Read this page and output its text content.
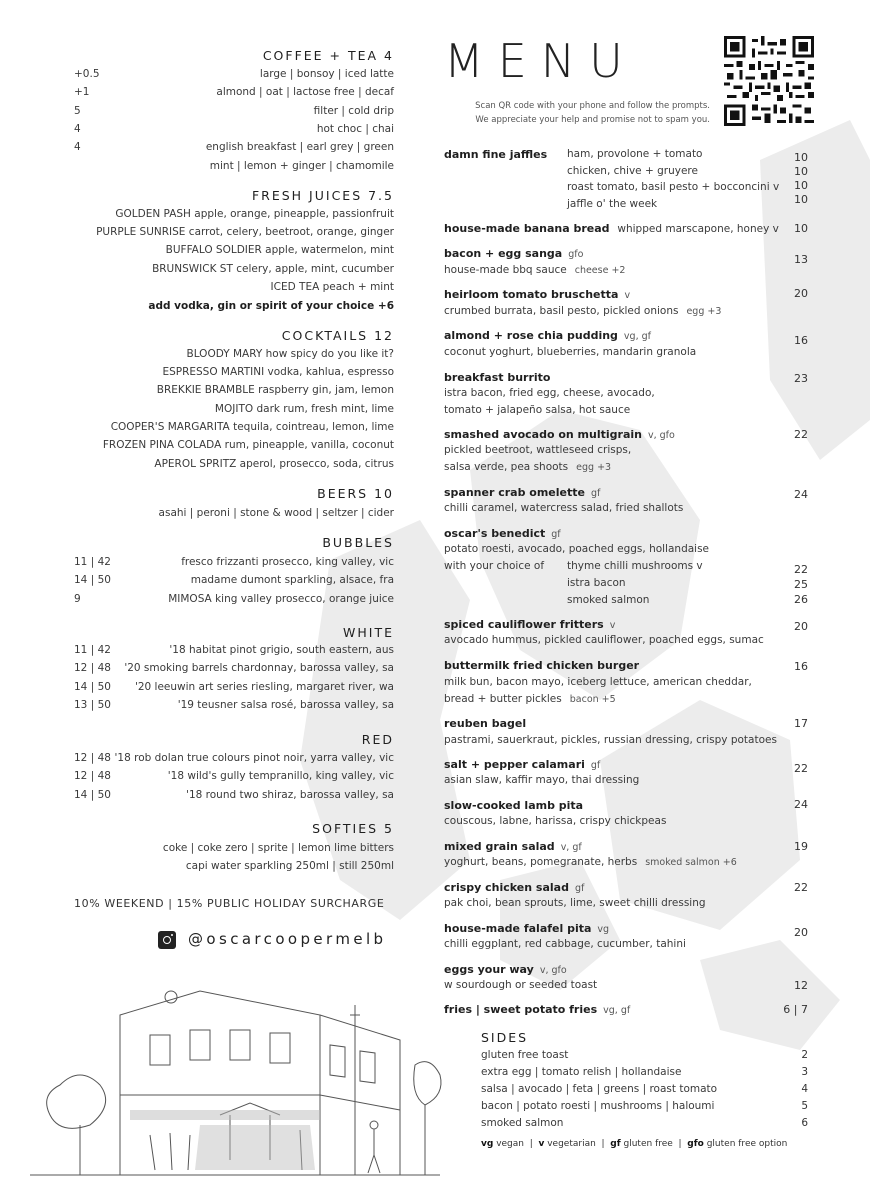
COFFEE + TEA 4
+0.5	large | bonsoy | iced latte
+1	almond | oat | lactose free | decaf
5	filter | cold drip
4	hot choc | chai
4	english breakfast | earl grey | green
mint | lemon + ginger | chamomile
FRESH JUICES 7.5
GOLDEN PASH apple, orange, pineapple, passionfruit
PURPLE SUNRISE carrot, celery, beetroot, orange, ginger
BUFFALO SOLDIER apple, watermelon, mint
BRUNSWICK ST celery, apple, mint, cucumber
ICED TEA peach + mint
add vodka, gin or spirit of your choice +6
COCKTAILS 12
BLOODY MARY how spicy do you like it?
ESPRESSO MARTINI vodka, kahlua, espresso
BREKKIE BRAMBLE raspberry gin, jam, lemon
MOJITO dark rum, fresh mint, lime
COOPER'S MARGARITA tequila, cointreau, lemon, lime
FROZEN PINA COLADA rum, pineapple, vanilla, coconut
APEROL SPRITZ aperol, prosecco, soda, citrus
BEERS 10
asahi | peroni | stone & wood | seltzer | cider
BUBBLES
11 | 42	fresco frizzanti prosecco, king valley, vic
14 | 50	madame dumont sparkling, alsace, fra
9	MIMOSA king valley prosecco, orange juice
WHITE
11 | 42	'18 habitat pinot grigio, south eastern, aus
12 | 48 '20 smoking barrels chardonnay, barossa valley, sa
14 | 50 '20 leeuwin art series riesling, margaret river, wa
13 | 50	'19 teusner salsa rosé, barossa valley, sa
RED
12 | 48 '18 rob dolan true colours pinot noir, yarra valley, vic
12 | 48	'18 wild's gully tempranillo, king valley, vic
14 | 50	'18 round two shiraz, barossa valley, sa
SOFTIES 5
coke | coke zero | sprite | lemon lime bitters
capi water sparkling 250ml | still 250ml
10% WEEKEND | 15% PUBLIC HOLIDAY SURCHARGE
@oscarcoopermelb
MENU
Scan QR code with your phone and follow the prompts.
We appreciate your help and promise not to spam you.
damn fine jaffles ham, provolone + tomato	10
chicken, chive + gruyere	10
roast tomato, basil pesto + bocconcini v 10
jaffle o' the week	10
house-made banana bread whipped marscapone, honey v 10
bacon + egg sanga gfo
house-made bbq sauce cheese +2
13
heirloom tomato bruschetta v
crumbed burrata, basil pesto, pickled onions egg +3
20
almond + rose chia pudding vg, gf
coconut yoghurt, blueberries, mandarin granola
16
breakfast burrito
istra bacon, fried egg, cheese, avocado,
tomato + jalapeño salsa, hot sauce
23
smashed avocado on multigrain v, gfo
pickled beetroot, wattleseed crisps,
salsa verde, pea shoots egg +3
22
spanner crab omelette gf
chilli caramel, watercress salad, fried shallots
24
oscar's benedict gf
potato roesti, avocado, poached eggs, hollandaise
with your choice of thyme chilli mushrooms v	22
istra bacon	25
smoked salmon	26
spiced cauliflower fritters v
avocado hummus, pickled cauliflower, poached eggs, sumac
20
buttermilk fried chicken burger
milk bun, bacon mayo, iceberg lettuce, american cheddar,
bread + butter pickles bacon +5
16
reuben bagel
pastrami, sauerkraut, pickles, russian dressing, crispy potatoes
17
salt + pepper calamari gf
asian slaw, kaffir mayo, thai dressing
22
slow-cooked lamb pita
couscous, labne, harissa, crispy chickpeas
24
mixed grain salad v, gf
yoghurt, beans, pomegranate, herbs smoked salmon +6
19
crispy chicken salad gf
pak choi, bean sprouts, lime, sweet chilli dressing
22
house-made falafel pita vg
chilli eggplant, red cabbage, cucumber, tahini
20
eggs your way v, gfo
w sourdough or seeded toast	12
fries | sweet potato fries vg, gf	6 | 7
SIDES
gluten free toast	2
extra egg | tomato relish | hollandaise	3
salsa | avocado | feta | greens | roast tomato	4
bacon | potato roesti | mushrooms | haloumi	5
smoked salmon	6
vg vegan  |  v vegetarian  |  gf gluten free  |  gfo gluten free option
